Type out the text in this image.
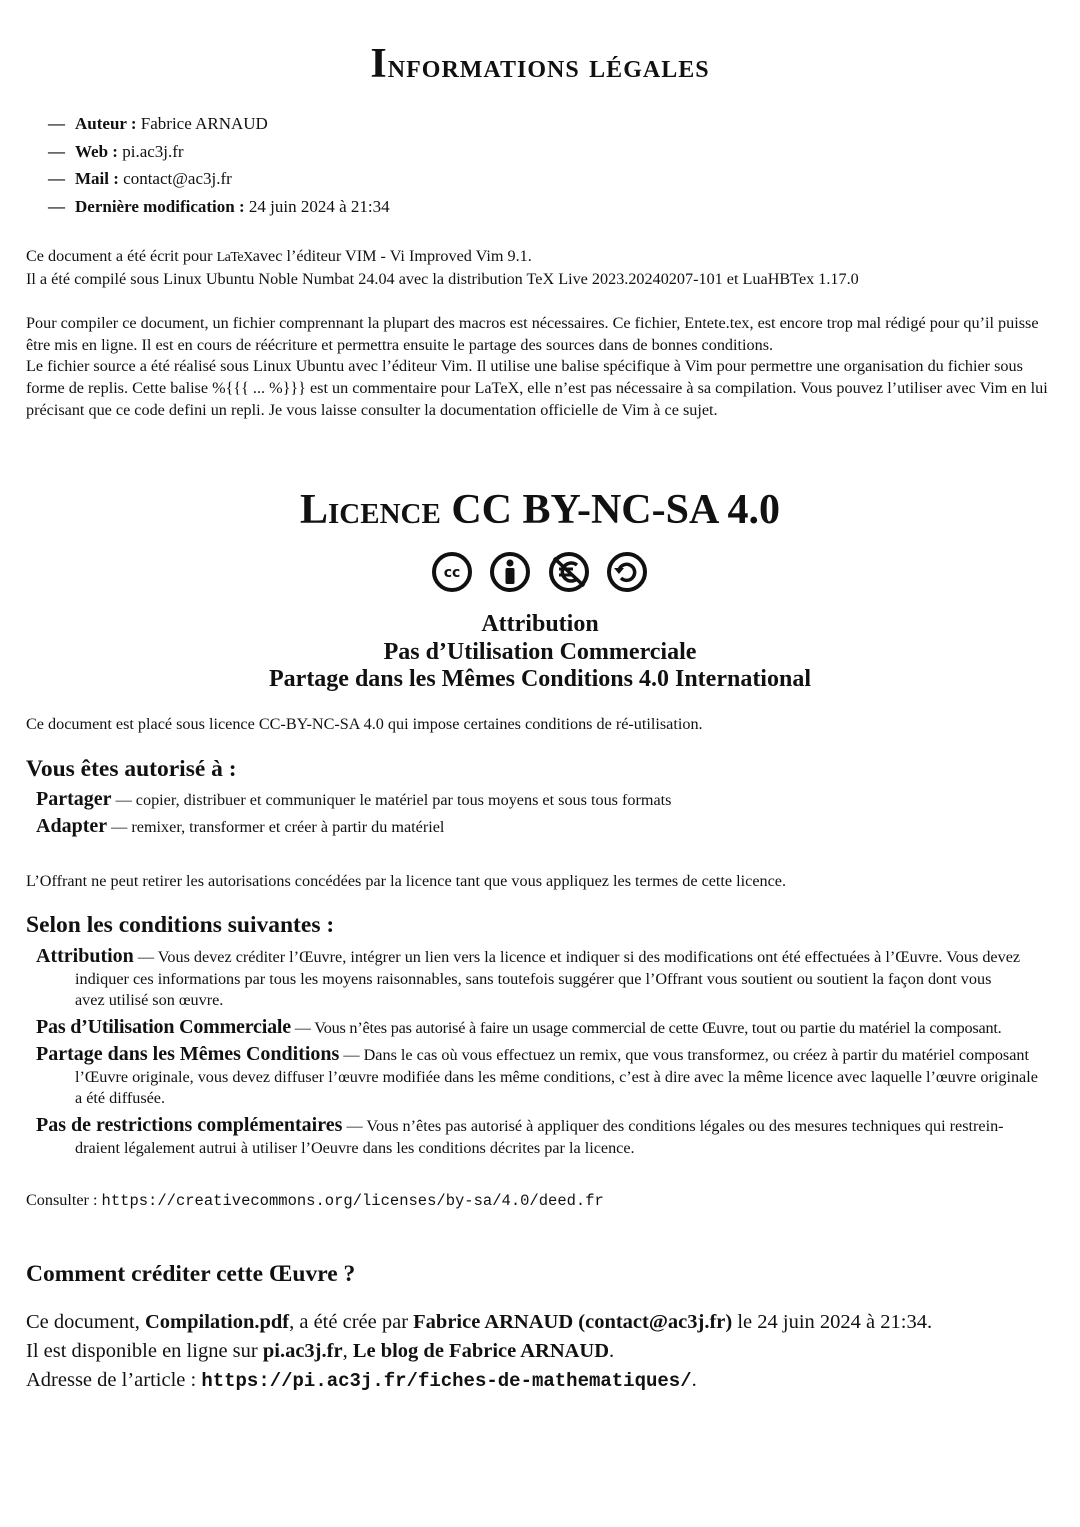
Informations légales
— Auteur : Fabrice ARNAUD
— Web : pi.ac3j.fr
— Mail : contact@ac3j.fr
— Dernière modification : 24 juin 2024 à 21:34

Ce document a été écrit pour LaTeXavec l’éditeur VIM - Vi Improved Vim 9.1.

Il a été compilé sous Linux Ubuntu Noble Numbat 24.04 avec la distribution TeX Live 2023.20240207-101 et LuaHBTex 1.17.0

Pour compiler ce document, un fichier comprennant la plupart des macros est nécessaires. Ce fichier, Entete.tex, est encore trop mal rédigé pour qu’il puisse être mis en ligne. Il est en cours de réécriture et permettra ensuite le partage des sources dans de bonnes conditions.

Le fichier source a été réalisé sous Linux Ubuntu avec l’éditeur Vim. Il utilise une balise spécifique à Vim pour permettre une organisation du fichier sous forme de replis. Cette balise %{{{ ... %}}} est un commentaire pour LaTeX, elle n’est pas nécessaire à sa compilation. Vous pouvez l’utiliser avec Vim en lui précisant que ce code defini un repli. Je vous laisse consulter la documentation officielle de Vim à ce sujet.

Licence CC BY-NC-SA 4.0
cc
Attribution
Pas d’Utilisation Commerciale
Partage dans les Mêmes Conditions 4.0 International
Ce document est placé sous licence CC-BY-NC-SA 4.0 qui impose certaines conditions de ré-utilisation.
Vous êtes autorisé à :
Partager — copier, distribuer et communiquer le matériel par tous moyens et sous tous formats
Adapter — remixer, transformer et créer à partir du matériel
L’Offrant ne peut retirer les autorisations concédées par la licence tant que vous appliquez les termes de cette licence.
Selon les conditions suivantes :
Attribution — Vous devez créditer l’Œuvre, intégrer un lien vers la licence et indiquer si des modifications ont été effectuées à l’Œuvre. Vous devez
indiquer ces informations par tous les moyens raisonnables, sans toutefois suggérer que l’Offrant vous soutient ou soutient la façon dont vous
avez utilisé son œuvre.
Pas d’Utilisation Commerciale — Vous n’êtes pas autorisé à faire un usage commercial de cette Œuvre, tout ou partie du matériel la composant.
Partage dans les Mêmes Conditions — Dans le cas où vous effectuez un remix, que vous transformez, ou créez à partir du matériel composant
l’Œuvre originale, vous devez diffuser l’œuvre modifiée dans les même conditions, c’est à dire avec la même licence avec laquelle l’œuvre originale
a été diffusée.
Pas de restrictions complémentaires — Vous n’êtes pas autorisé à appliquer des conditions légales ou des mesures techniques qui restrein-
draient légalement autrui à utiliser l’Oeuvre dans les conditions décrites par la licence.
Consulter : https://creativecommons.org/licenses/by-sa/4.0/deed.fr
Comment créditer cette Œuvre ?
Ce document, Compilation.pdf, a été crée par Fabrice ARNAUD (contact@ac3j.fr) le 24 juin 2024 à 21:34.
Il est disponible en ligne sur pi.ac3j.fr, Le blog de Fabrice ARNAUD.
Adresse de l’article : https://pi.ac3j.fr/fiches-de-mathematiques/.
